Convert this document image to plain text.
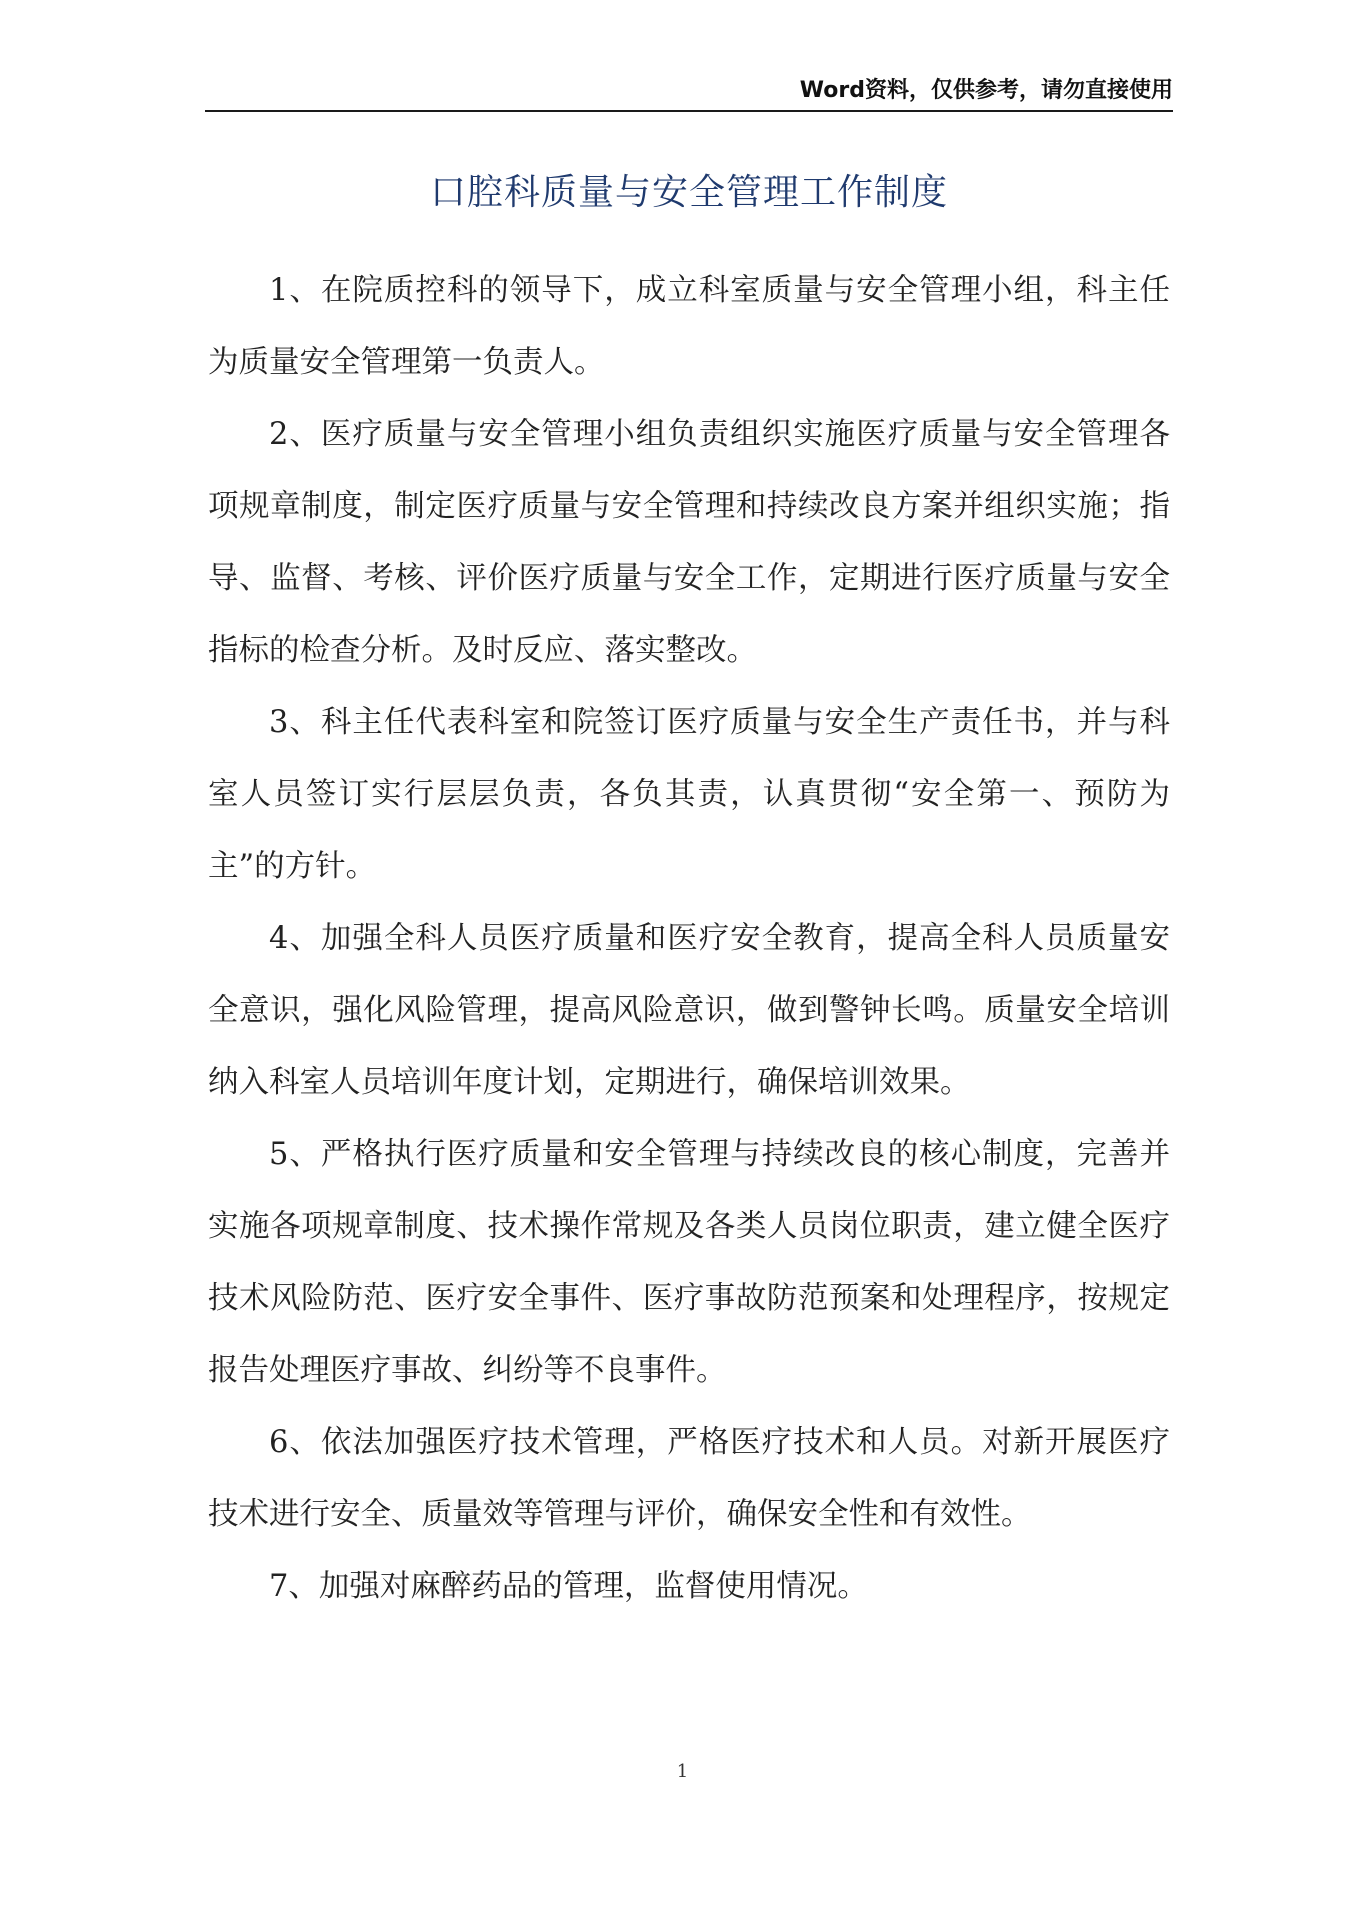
Word资料，仅供参考，请勿直接使用
口腔科质量与安全管理工作制度

1、在院质控科的领导下，成立科室质量与安全管理小组，科主任为质量安全管理第一负责人。

2、医疗质量与安全管理小组负责组织实施医疗质量与安全管理各项规章制度，制定医疗质量与安全管理和持续改良方案并组织实施；指导、监督、考核、评价医疗质量与安全工作，定期进行医疗质量与安全指标的检查分析。及时反应、落实整改。

3、科主任代表科室和院签订医疗质量与安全生产责任书，并与科室人员签订实行层层负责，各负其责，认真贯彻“安全第一、预防为主”的方针。

4、加强全科人员医疗质量和医疗安全教育，提高全科人员质量安全意识，强化风险管理，提高风险意识，做到警钟长鸣。质量安全培训纳入科室人员培训年度计划，定期进行，确保培训效果。

5、严格执行医疗质量和安全管理与持续改良的核心制度，完善并实施各项规章制度、技术操作常规及各类人员岗位职责，建立健全医疗技术风险防范、医疗安全事件、医疗事故防范预案和处理程序，按规定报告处理医疗事故、纠纷等不良事件。

6、依法加强医疗技术管理，严格医疗技术和人员。对新开展医疗技术进行安全、质量效等管理与评价，确保安全性和有效性。

7、加强对麻醉药品的管理，监督使用情况。

1
